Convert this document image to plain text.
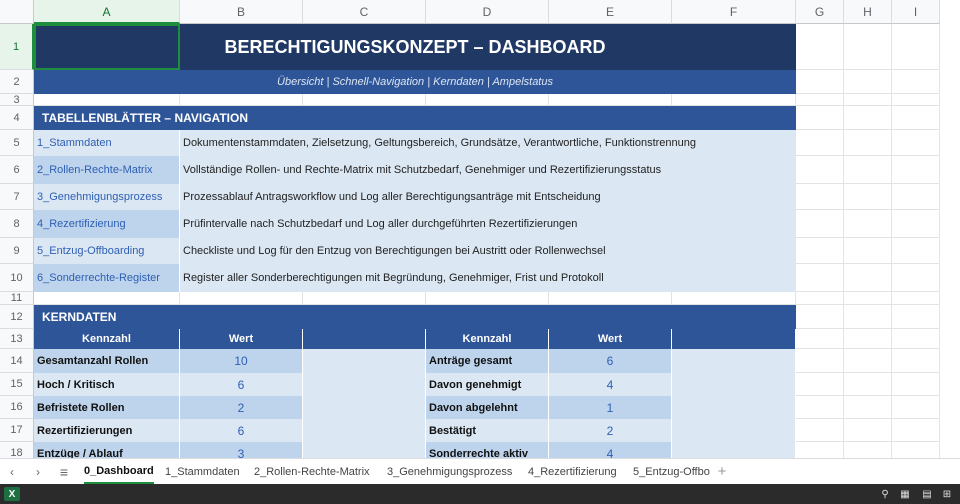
A	B	C	D	E	F	G	H	I
1
2
3
4
5
6
7
8
9
10
11
12
13
14
15
16
17
18
BERECHTIGUNGSKONZEPT – DASHBOARD
Übersicht | Schnell-Navigation | Kerndaten | Ampelstatus
TABELLENBLÄTTER – NAVIGATION
1_Stammdaten	Dokumentenstammdaten, Zielsetzung, Geltungsbereich, Grundsätze, Verantwortliche, Funktionstrennung
2_Rollen-Rechte-Matrix	Vollständige Rollen- und Rechte-Matrix mit Schutzbedarf, Genehmiger und Rezertifizierungsstatus
3_Genehmigungsprozess	Prozessablauf Antragsworkflow und Log aller Berechtigungsanträge mit Entscheidung
4_Rezertifizierung	Prüfintervalle nach Schutzbedarf und Log aller durchgeführten Rezertifizierungen
5_Entzug-Offboarding	Checkliste und Log für den Entzug von Berechtigungen bei Austritt oder Rollenwechsel
6_Sonderrechte-Register	Register aller Sonderberechtigungen mit Begründung, Genehmiger, Frist und Protokoll
KERNDATEN
Kennzahl	Wert	Kennzahl	Wert
Gesamtanzahl Rollen	10	Anträge gesamt	6
Hoch / Kritisch	6	Davon genehmigt	4
Befristete Rollen	2	Davon abgelehnt	1
Rezertifizierungen	6	Bestätigt	2
Entzüge / Ablauf	3	Sonderrechte aktiv	4
‹	›	≡	0_Dashboard 1_Stammdaten 2_Rollen-Rechte-Matrix 3_Genehmigungsprozess 4_Rezertifizierung 5_Entzug-Offbo +
X	⚲	▦ ▤ ⊞
